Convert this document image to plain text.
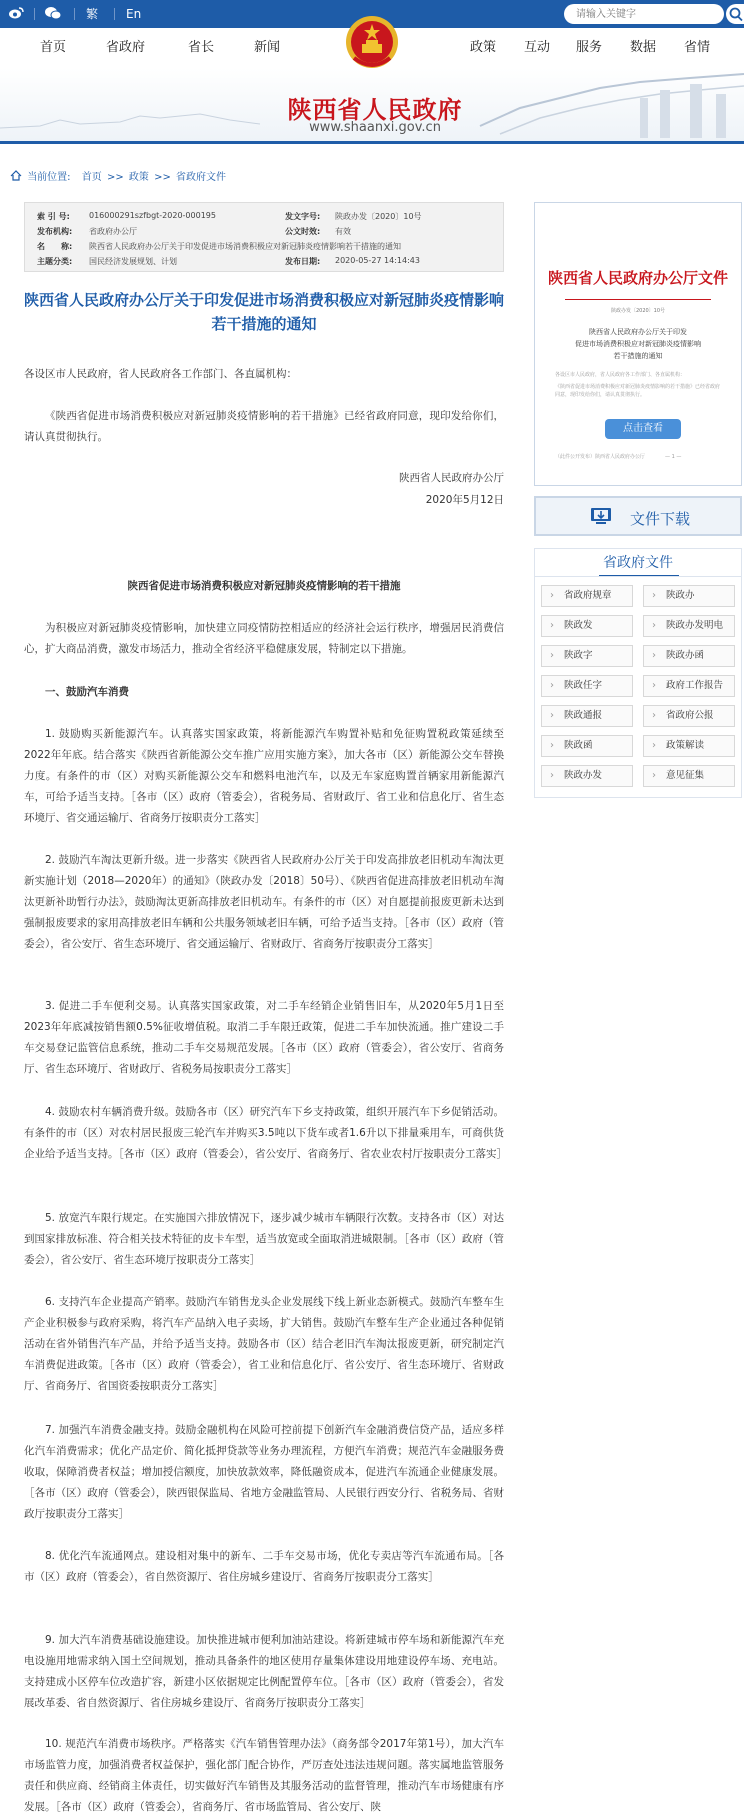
繁 En
请输入关键字
首页	省政府	省长	新闻	政策 互动 服务 数据 省情
陕西省人民政府
www.shaanxi.gov.cn
当前位置: 首页 >> 政策 >> 省政府文件
索 引 号: 016000291szfbgt-2020-000195	发文字号: 陕政办发〔2020〕10号
发布机构: 省政府办公厅	公文时效: 有效
名　　称: 陕西省人民政府办公厅关于印发促进市场消费积极应对新冠肺炎疫情影响若干措施的通知
主题分类: 国民经济发展规划、计划	发布日期: 2020-05-27 14:14:43
陕西省人民政府办公厅关于印发促进市场消费积极应对新冠肺炎疫情影响若干措施的通知
各设区市人民政府，省人民政府各工作部门、各直属机构：
《陕西省促进市场消费积极应对新冠肺炎疫情影响的若干措施》已经省政府同意，现印发给你们，请认真贯彻执行。
陕西省人民政府办公厅
2020年5月12日
陕西省促进市场消费积极应对新冠肺炎疫情影响的若干措施
为积极应对新冠肺炎疫情影响，加快建立同疫情防控相适应的经济社会运行秩序，增强居民消费信心，扩大商品消费，激发市场活力，推动全省经济平稳健康发展，特制定以下措施。
一、鼓励汽车消费
1. 鼓励购买新能源汽车。认真落实国家政策，将新能源汽车购置补贴和免征购置税政策延续至2022年年底。结合落实《陕西省新能源公交车推广应用实施方案》，加大各市（区）新能源公交车替换力度。有条件的市（区）对购买新能源公交车和燃料电池汽车，以及无车家庭购置首辆家用新能源汽车，可给予适当支持。［各市（区）政府（管委会），省税务局、省财政厅、省工业和信息化厅、省生态环境厅、省交通运输厅、省商务厅按职责分工落实］
2. 鼓励汽车淘汰更新升级。进一步落实《陕西省人民政府办公厅关于印发高排放老旧机动车淘汰更新实施计划（2018—2020年）的通知》（陕政办发〔2018〕50号）、《陕西省促进高排放老旧机动车淘汰更新补助暂行办法》，鼓励淘汰更新高排放老旧机动车。有条件的市（区）对自愿提前报废更新未达到强制报废要求的家用高排放老旧车辆和公共服务领域老旧车辆，可给予适当支持。［各市（区）政府（管委会），省公安厅、省生态环境厅、省交通运输厅、省财政厅、省商务厅按职责分工落实］
3. 促进二手车便利交易。认真落实国家政策，对二手车经销企业销售旧车，从2020年5月1日至2023年年底减按销售额0.5%征收增值税。取消二手车限迁政策，促进二手车加快流通。推广建设二手车交易登记监管信息系统，推动二手车交易规范发展。［各市（区）政府（管委会），省公安厅、省商务厅、省生态环境厅、省财政厅、省税务局按职责分工落实］
4. 鼓励农村车辆消费升级。鼓励各市（区）研究汽车下乡支持政策，组织开展汽车下乡促销活动。有条件的市（区）对农村居民报废三轮汽车并购买3.5吨以下货车或者1.6升以下排量乘用车，可商供货企业给予适当支持。［各市（区）政府（管委会），省公安厅、省商务厅、省农业农村厅按职责分工落实］
5. 放宽汽车限行规定。在实施国六排放情况下，逐步减少城市车辆限行次数。支持各市（区）对达到国家排放标准、符合相关技术特征的皮卡车型，适当放宽或全面取消进城限制。［各市（区）政府（管委会），省公安厅、省生态环境厅按职责分工落实］
6. 支持汽车企业提高产销率。鼓励汽车销售龙头企业发展线下线上新业态新模式。鼓励汽车整车生产企业积极参与政府采购，将汽车产品纳入电子卖场，扩大销售。鼓励汽车整车生产企业通过各种促销活动在省外销售汽车产品，并给予适当支持。鼓励各市（区）结合老旧汽车淘汰报废更新，研究制定汽车消费促进政策。［各市（区）政府（管委会），省工业和信息化厅、省公安厅、省生态环境厅、省财政厅、省商务厅、省国资委按职责分工落实］
7. 加强汽车消费金融支持。鼓励金融机构在风险可控前提下创新汽车金融消费信贷产品，适应多样化汽车消费需求；优化产品定价、简化抵押贷款等业务办理流程，方便汽车消费；规范汽车金融服务费收取，保障消费者权益；增加授信额度，加快放款效率，降低融资成本，促进汽车流通企业健康发展。［各市（区）政府（管委会），陕西银保监局、省地方金融监管局、人民银行西安分行、省税务局、省财政厅按职责分工落实］
8. 优化汽车流通网点。建设相对集中的新车、二手车交易市场，优化专卖店等汽车流通布局。［各市（区）政府（管委会），省自然资源厅、省住房城乡建设厅、省商务厅按职责分工落实］
9. 加大汽车消费基础设施建设。加快推进城市便利加油站建设。将新建城市停车场和新能源汽车充电设施用地需求纳入国土空间规划，推动具备条件的地区使用存量集体建设用地建设停车场、充电站。支持建成小区停车位改造扩容，新建小区依据规定比例配置停车位。［各市（区）政府（管委会），省发展改革委、省自然资源厅、省住房城乡建设厅、省商务厅按职责分工落实］
10. 规范汽车消费市场秩序。严格落实《汽车销售管理办法》（商务部令2017年第1号），加大汽车市场监管力度，加强消费者权益保护，强化部门配合协作，严厉查处违法违规问题。落实属地监管服务责任和供应商、经销商主体责任，切实做好汽车销售及其服务活动的监督管理，推动汽车市场健康有序发展。［各市（区）政府（管委会），省商务厅、省市场监管局、省公安厅、陕
陕西省人民政府办公厅文件
陕政办发〔2020〕10号
陕西省人民政府办公厅关于印发
促进市场消费积极应对新冠肺炎疫情影响
若干措施的通知
各设区市人民政府，省人民政府各工作部门、各直属机构：
《陕西省促进市场消费积极应对新冠肺炎疫情影响的若干措施》已经省政府同意，现印发给你们，请认真贯彻执行。
点击查看
（此件公开发布）陕西省人民政府办公厅　　　　— 1 —
文件下载
省政府文件
› 省政府规章	› 陕政办
› 陕政发	› 陕政办发明电
› 陕政字	› 陕政办函
› 陕政任字	› 政府工作报告
› 陕政通报	› 省政府公报
› 陕政函	› 政策解读
› 陕政办发	› 意见征集
